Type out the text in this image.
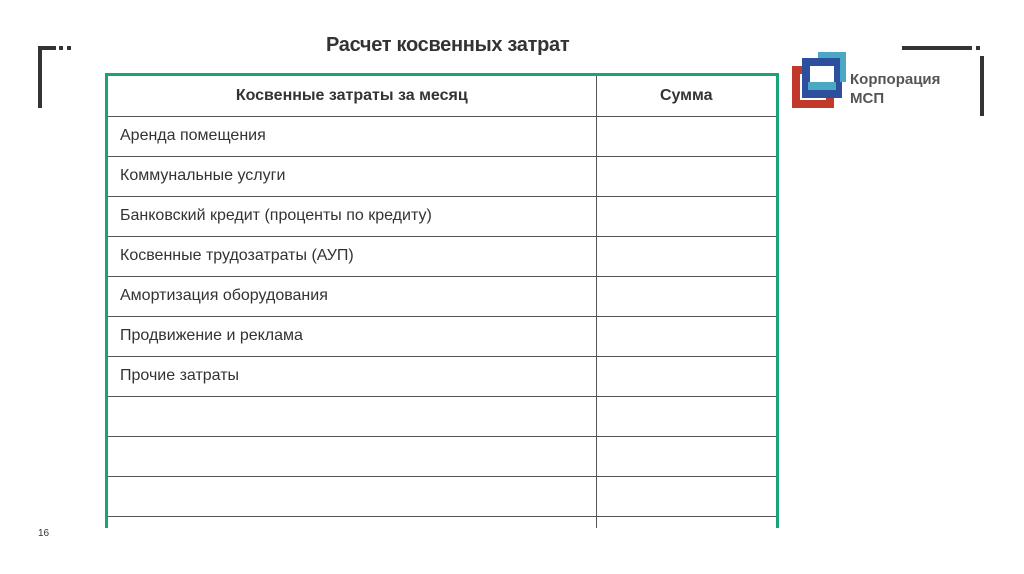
Расчет косвенных затрат
Корпорация
МСП
Косвенные затраты за месяц	Сумма
Аренда помещения	
Коммунальные услуги	
Банковский кредит (проценты по кредиту)	
Косвенные трудозатраты (АУП)	
Амортизация оборудования	
Продвижение и реклама	
Прочие затраты	

16
